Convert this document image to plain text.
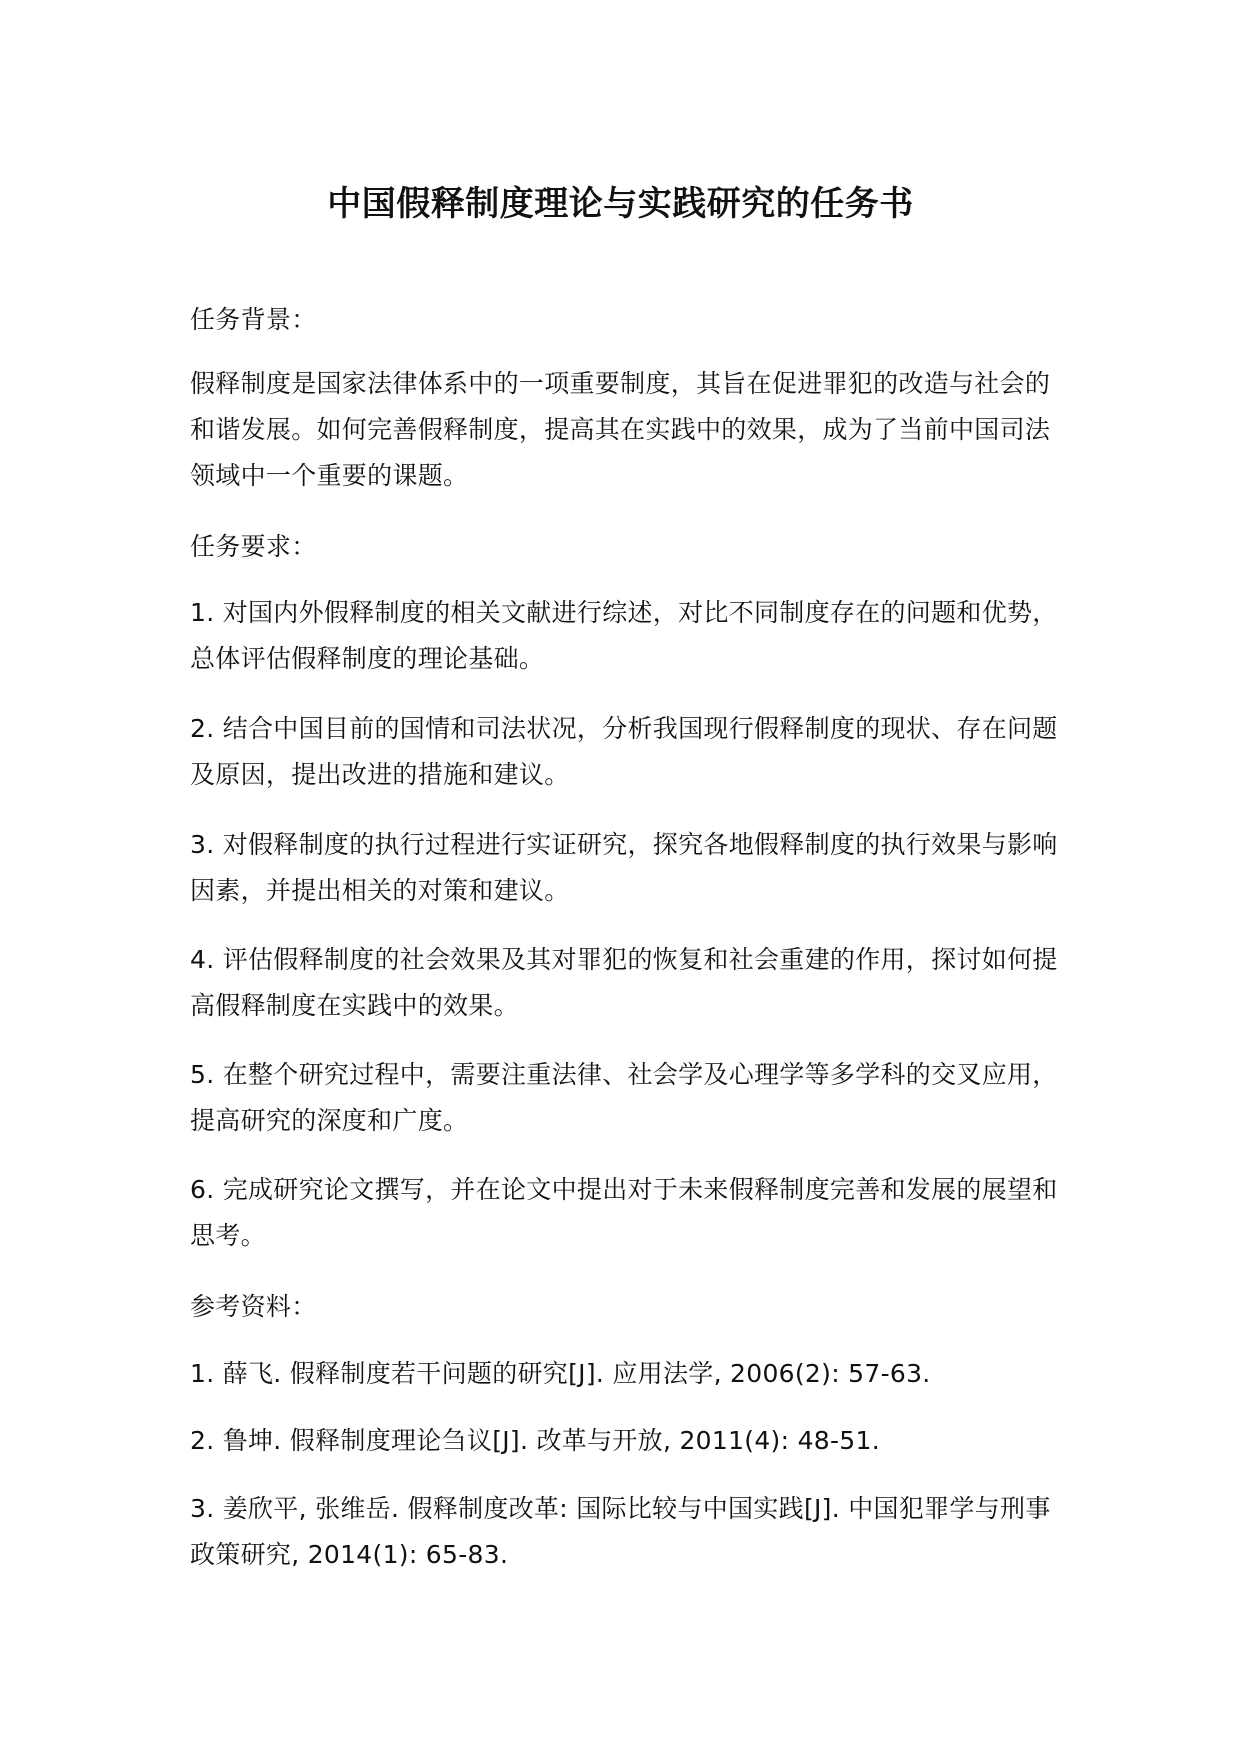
中国假释制度理论与实践研究的任务书

任务背景：

假释制度是国家法律体系中的一项重要制度，其旨在促进罪犯的改造与社会的和谐发展。如何完善假释制度，提高其在实践中的效果，成为了当前中国司法领域中一个重要的课题。

任务要求：

1. 对国内外假释制度的相关文献进行综述，对比不同制度存在的问题和优势，总体评估假释制度的理论基础。

2. 结合中国目前的国情和司法状况，分析我国现行假释制度的现状、存在问题及原因，提出改进的措施和建议。

3. 对假释制度的执行过程进行实证研究，探究各地假释制度的执行效果与影响因素，并提出相关的对策和建议。

4. 评估假释制度的社会效果及其对罪犯的恢复和社会重建的作用，探讨如何提高假释制度在实践中的效果。

5. 在整个研究过程中，需要注重法律、社会学及心理学等多学科的交叉应用，提高研究的深度和广度。

6. 完成研究论文撰写，并在论文中提出对于未来假释制度完善和发展的展望和思考。

参考资料：

1. 薛飞. 假释制度若干问题的研究[J]. 应用法学, 2006(2): 57-63.

2. 鲁坤. 假释制度理论刍议[J]. 改革与开放, 2011(4): 48-51.

3. 姜欣平, 张维岳. 假释制度改革: 国际比较与中国实践[J]. 中国犯罪学与刑事政策研究, 2014(1): 65-83.
